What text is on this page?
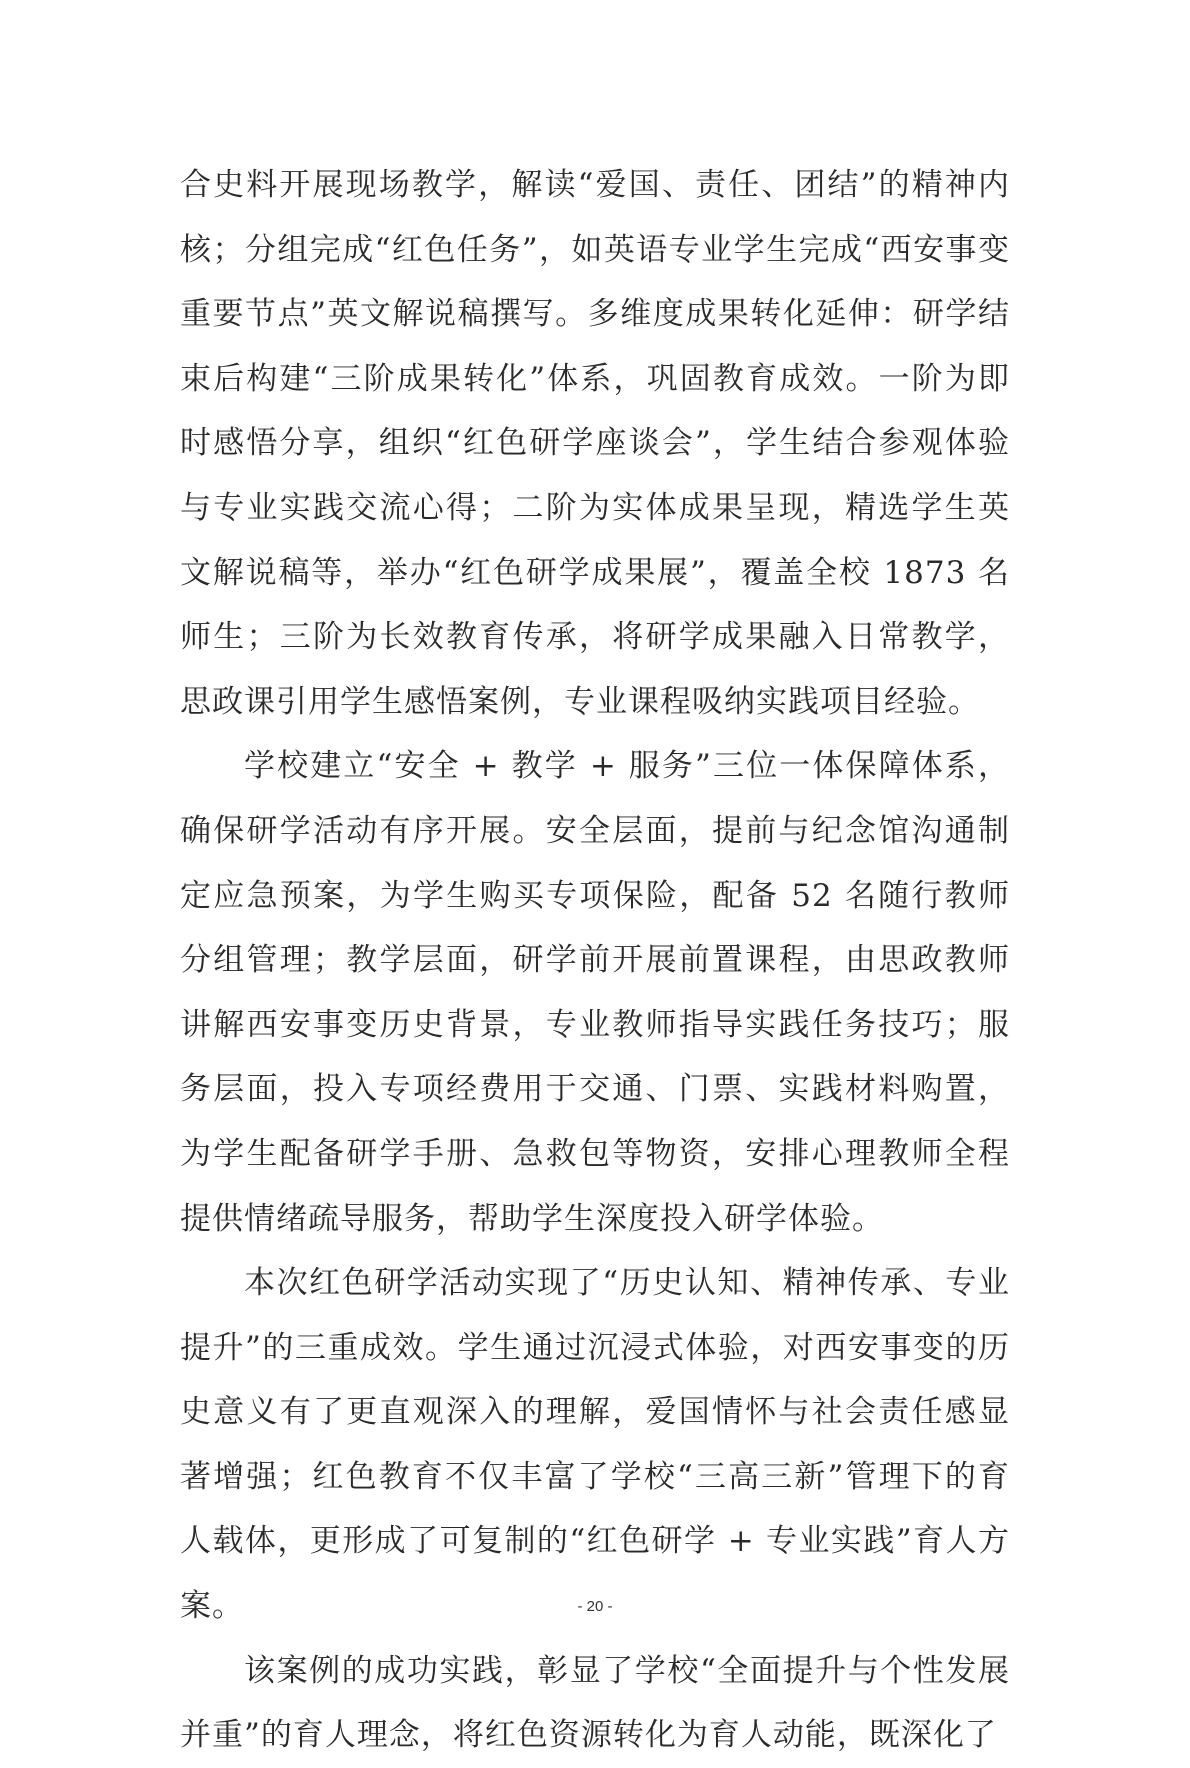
合史料开展现场教学，解读“爱国、责任、团结”的精神内核；分组完成“红色任务”，如英语专业学生完成“西安事变重要节点”英文解说稿撰写。多维度成果转化延伸：研学结束后构建“三阶成果转化”体系，巩固教育成效。一阶为即时感悟分享，组织“红色研学座谈会”，学生结合参观体验与专业实践交流心得；二阶为实体成果呈现，精选学生英文解说稿等，举办“红色研学成果展”，覆盖全校 1873 名师生；三阶为长效教育传承，将研学成果融入日常教学，思政课引用学生感悟案例，专业课程吸纳实践项目经验。

学校建立“安全 + 教学 + 服务”三位一体保障体系，确保研学活动有序开展。安全层面，提前与纪念馆沟通制定应急预案，为学生购买专项保险，配备 52 名随行教师分组管理；教学层面，研学前开展前置课程，由思政教师讲解西安事变历史背景，专业教师指导实践任务技巧；服务层面，投入专项经费用于交通、门票、实践材料购置，为学生配备研学手册、急救包等物资，安排心理教师全程提供情绪疏导服务，帮助学生深度投入研学体验。

本次红色研学活动实现了“历史认知、精神传承、专业提升”的三重成效。学生通过沉浸式体验，对西安事变的历史意义有了更直观深入的理解，爱国情怀与社会责任感显著增强；红色教育不仅丰富了学校“三高三新”管理下的育人载体，更形成了可复制的“红色研学 + 专业实践”育人方案。

该案例的成功实践，彰显了学校“全面提升与个性发展并重”的育人理念，将红色资源转化为育人动能，既深化了

- 20 -
